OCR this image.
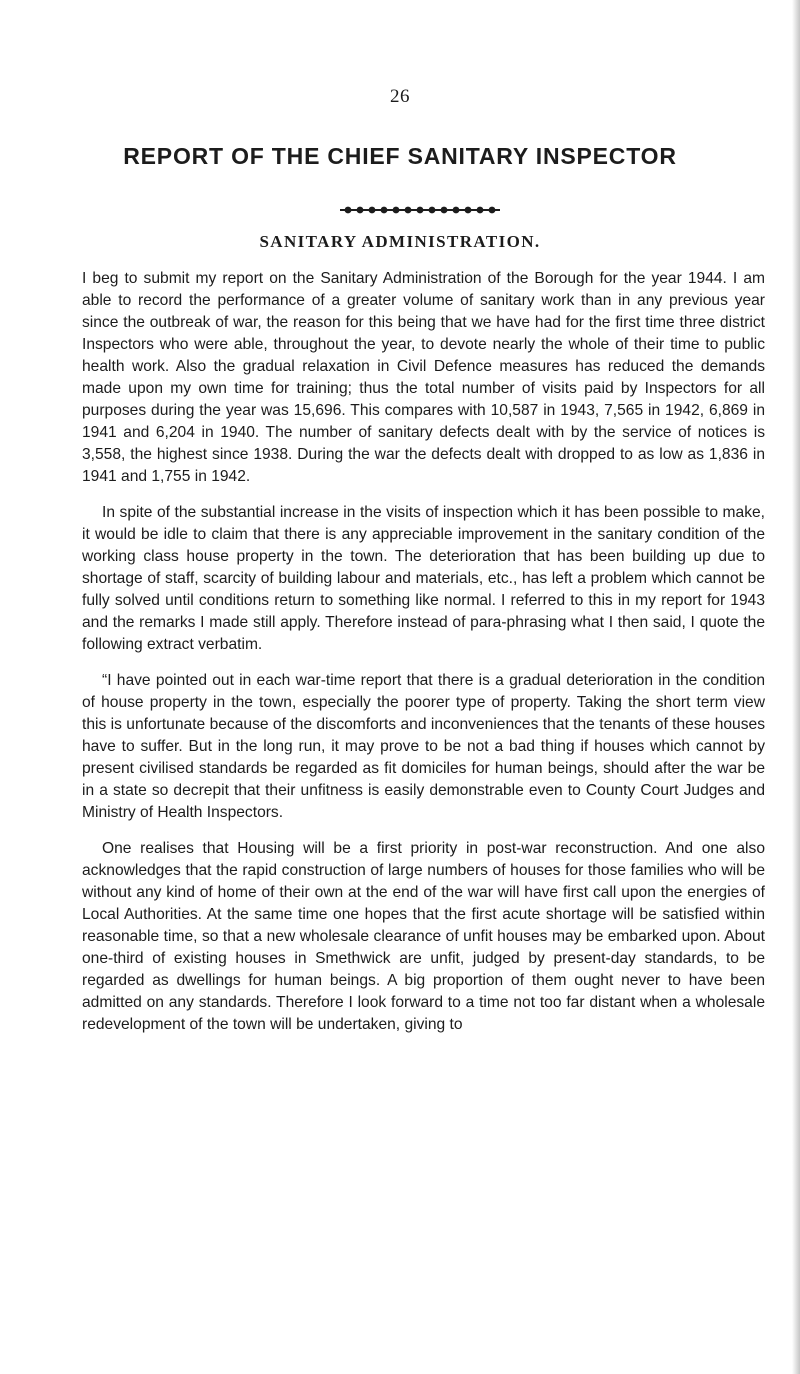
26
REPORT OF THE CHIEF SANITARY INSPECTOR
SANITARY ADMINISTRATION.

I beg to submit my report on the Sanitary Administration of the Borough for the year 1944. I am able to record the performance of a greater volume of sanitary work than in any previous year since the outbreak of war, the reason for this being that we have had for the first time three district Inspectors who were able, throughout the year, to devote nearly the whole of their time to public health work. Also the gradual relaxation in Civil Defence measures has reduced the demands made upon my own time for training; thus the total number of visits paid by Inspectors for all purposes during the year was 15,696. This compares with 10,587 in 1943, 7,565 in 1942, 6,869 in 1941 and 6,204 in 1940. The number of sanitary defects dealt with by the service of notices is 3,558, the highest since 1938. During the war the defects dealt with dropped to as low as 1,836 in 1941 and 1,755 in 1942.

In spite of the substantial increase in the visits of inspection which it has been possible to make, it would be idle to claim that there is any appreciable improvement in the sanitary condition of the working class house property in the town. The deterioration that has been building up due to shortage of staff, scarcity of building labour and materials, etc., has left a problem which cannot be fully solved until conditions return to something like normal. I referred to this in my report for 1943 and the remarks I made still apply. Therefore instead of para-phrasing what I then said, I quote the following extract verbatim.

“I have pointed out in each war-time report that there is a gradual deterioration in the condition of house property in the town, especially the poorer type of property. Taking the short term view this is unfortunate because of the discomforts and inconveniences that the tenants of these houses have to suffer. But in the long run, it may prove to be not a bad thing if houses which cannot by present civilised standards be regarded as fit domiciles for human beings, should after the war be in a state so decrepit that their unfitness is easily demonstrable even to County Court Judges and Ministry of Health Inspectors.

One realises that Housing will be a first priority in post-war reconstruction. And one also acknowledges that the rapid construction of large numbers of houses for those families who will be without any kind of home of their own at the end of the war will have first call upon the energies of Local Authorities. At the same time one hopes that the first acute shortage will be satisfied within reasonable time, so that a new wholesale clearance of unfit houses may be embarked upon. About one-third of existing houses in Smethwick are unfit, judged by present-day standards, to be regarded as dwellings for human beings. A big proportion of them ought never to have been admitted on any standards. Therefore I look forward to a time not too far distant when a wholesale redevelopment of the town will be undertaken, giving to
